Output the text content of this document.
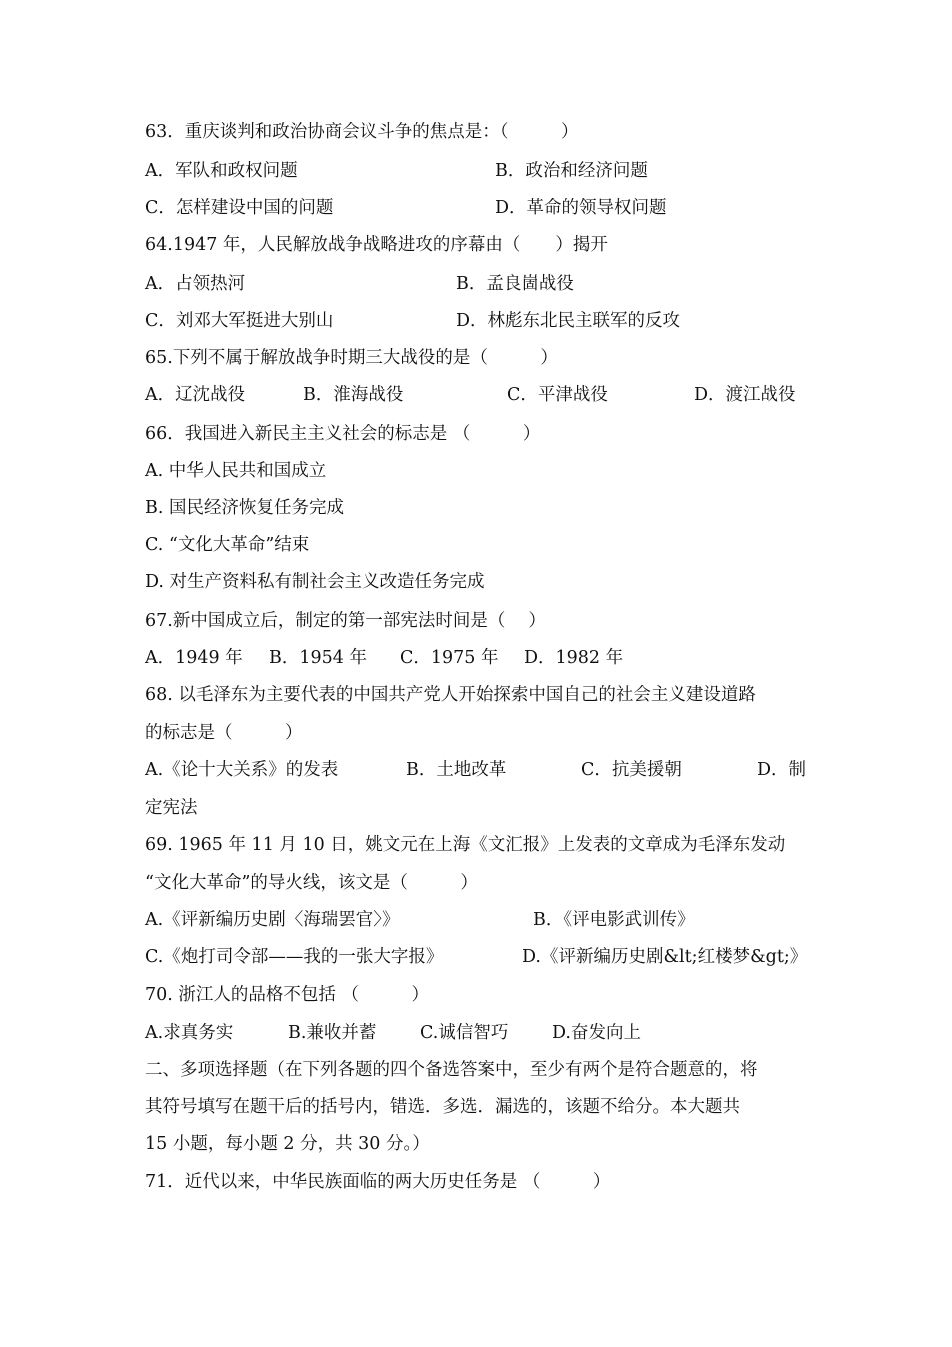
63．重庆谈判和政治协商会议斗争的焦点是：（　　　）
A．军队和政权问题	B．政治和经济问题
C．怎样建设中国的问题	D．革命的领导权问题
64.1947 年，人民解放战争战略进攻的序幕由（　　）揭开
A．占领热河	B．孟良崮战役
C．刘邓大军挺进大别山	D．林彪东北民主联军的反攻
65.下列不属于解放战争时期三大战役的是（　　　）
A．辽沈战役	B．淮海战役	C．平津战役	D．渡江战役
66．我国进入新民主主义社会的标志是 （　　　）
A. 中华人民共和国成立
B. 国民经济恢复任务完成
C. “文化大革命”结束
D. 对生产资料私有制社会主义改造任务完成
67.新中国成立后，制定的第一部宪法时间是（　 ）
A．1949 年 B．1954 年 C．1975 年 D．1982 年
68. 以毛泽东为主要代表的中国共产党人开始探索中国自己的社会主义建设道路
的标志是（　　　）
A.《论十大关系》的发表	B．土地改革	C．抗美援朝	D．制
定宪法
69. 1965 年 11 月 10 日，姚文元在上海《文汇报》上发表的文章成为毛泽东发动
“文化大革命”的导火线，该文是（　　　）
A.《评新编历史剧〈海瑞罢官〉》	B．《评电影武训传》
C.《炮打司令部——我的一张大字报》	D.《评新编历史剧&lt;红楼梦&gt;》
70. 浙江人的品格不包括 （　　　）
A.求真务实	B.兼收并蓄 C.诚信智巧 D.奋发向上
二、多项选择题（在下列各题的四个备选答案中，至少有两个是符合题意的，将
其符号填写在题干后的括号内，错选．多选．漏选的，该题不给分。本大题共
15 小题，每小题 2 分，共 30 分。）
71．近代以来，中华民族面临的两大历史任务是 （　　　）
